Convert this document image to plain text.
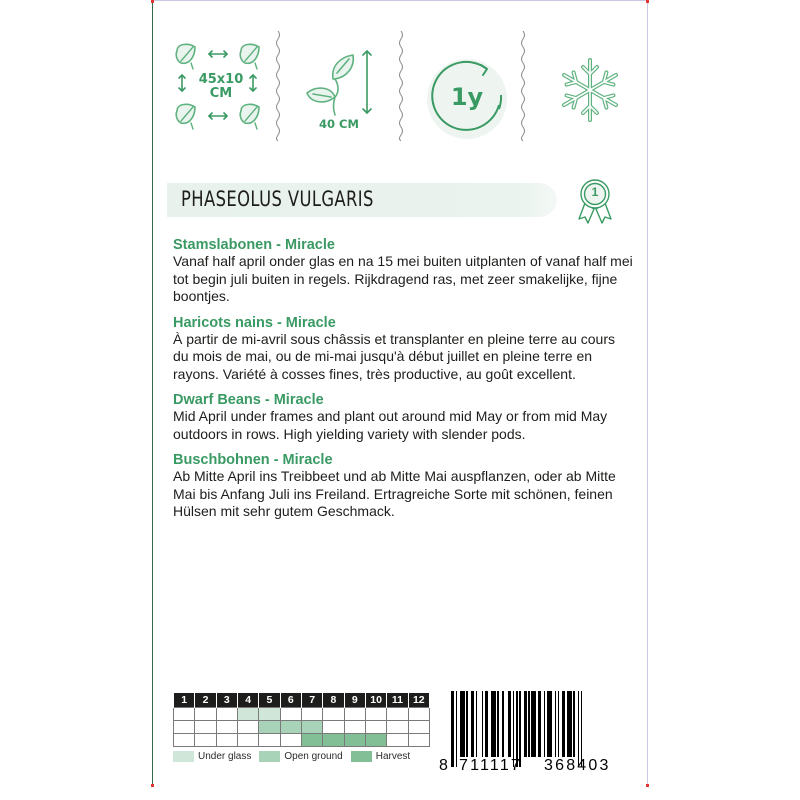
45x10
CM
40 CM
1y
PHASEOLUS VULGARIS	1
Stamslabonen - Miracle

Vanaf half april onder glas en na 15 mei buiten uitplanten of vanaf half mei tot begin juli buiten in regels. Rijkdragend ras, met zeer smakelijke, fijne boontjes.

Haricots nains - Miracle

À partir de mi-avril sous châssis et transplanter en pleine terre au cours du mois de mai, ou de mi-mai jusqu'à début juillet en pleine terre en rayons. Variété à cosses fines, très productive, au goût excellent.

Dwarf Beans - Miracle

Mid April under frames and plant out around mid May or from mid May outdoors in rows. High yielding variety with slender pods.

Buschbohnen - Miracle

Ab Mitte April ins Treibbeet und ab Mitte Mai auspflanzen, oder ab Mitte Mai bis Anfang Juli ins Freiland. Ertragreiche Sorte mit schönen, feinen Hülsen mit sehr gutem Geschmack.

1	2	3	4	5	6	7	8	9	10	11	12

Under glass	Open ground	Harvest
8 711117 368403
